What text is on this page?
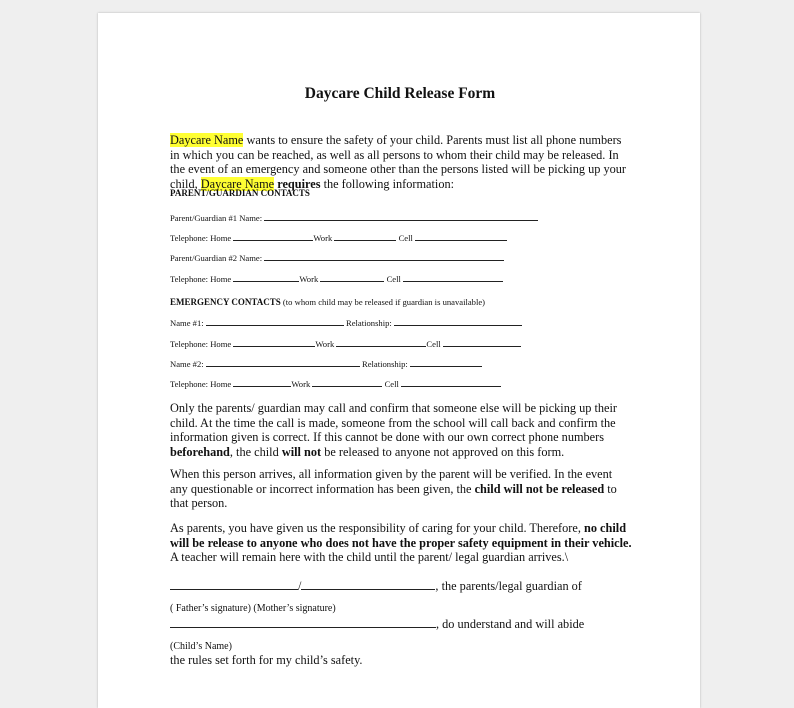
Daycare Child Release Form
Daycare Name wants to ensure the safety of your child. Parents must list all phone numbers in which you can be reached, as well as all persons to whom their child may be released. In the event of an emergency and someone other than the persons listed will be picking up your child, Daycare Name requires the following information:
PARENT/GUARDIAN CONTACTS
Parent/Guardian #1 Name:
Telephone: Home	Work	Cell
Parent/Guardian #2 Name:
Telephone: Home	Work	Cell
EMERGENCY CONTACTS (to whom child may be released if guardian is unavailable)
Name #1:	Relationship:
Telephone: Home	Work	Cell
Name #2:	Relationship:
Telephone: Home	Work	Cell
Only the parents/ guardian may call and confirm that someone else will be picking up their child. At the time the call is made, someone from the school will call back and confirm the information given is correct. If this cannot be done with our own correct phone numbers beforehand, the child will not be released to anyone not approved on this form.
When this person arrives, all information given by the parent will be verified. In the event any questionable or incorrect information has been given, the child will not be released to that person.
As parents, you have given us the responsibility of caring for your child. Therefore, no child will be release to anyone who does not have the proper safety equipment in their vehicle. A teacher will remain here with the child until the parent/ legal guardian arrives.\
/	, the parents/legal guardian of
( Father’s signature) (Mother’s signature)
, do understand and will abide
(Child’s Name)
the rules set forth for my child’s safety.
